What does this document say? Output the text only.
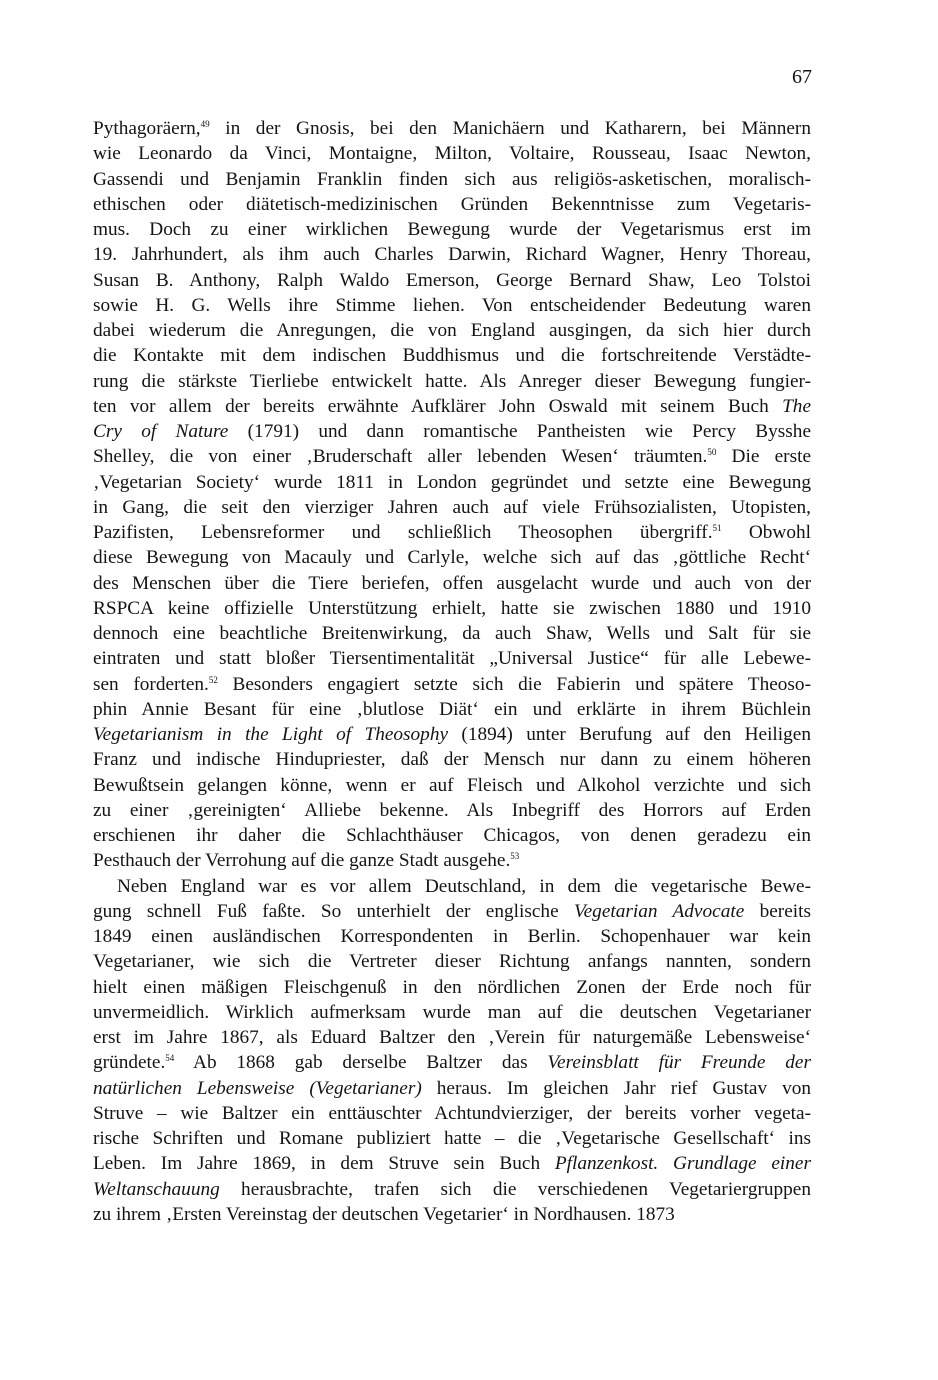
67
Pythagoräern,$^{49}$ in der Gnosis, bei den Manichäern und Katharern, bei Männern
wie Leonardo da Vinci, Montaigne, Milton, Voltaire, Rousseau, Isaac Newton,
Gassendi und Benjamin Franklin finden sich aus religiös-asketischen, moralisch-
ethischen oder diätetisch-medizinischen Gründen Bekenntnisse zum Vegetaris-
mus. Doch zu einer wirklichen Bewegung wurde der Vegetarismus erst im
19. Jahrhundert, als ihm auch Charles Darwin, Richard Wagner, Henry Thoreau,
Susan B. Anthony, Ralph Waldo Emerson, George Bernard Shaw, Leo Tolstoi
sowie H. G. Wells ihre Stimme liehen. Von entscheidender Bedeutung waren
dabei wiederum die Anregungen, die von England ausgingen, da sich hier durch
die Kontakte mit dem indischen Buddhismus und die fortschreitende Verstädte-
rung die stärkste Tierliebe entwickelt hatte. Als Anreger dieser Bewegung fungier-
ten vor allem der bereits erwähnte Aufklärer John Oswald mit seinem Buch The
Cry of Nature (1791) und dann romantische Pantheisten wie Percy Bysshe
Shelley, die von einer ‚Bruderschaft aller lebenden Wesen‘ träumten.$^{50}$ Die erste
‚Vegetarian Society‘ wurde 1811 in London gegründet und setzte eine Bewegung
in Gang, die seit den vierziger Jahren auch auf viele Frühsozialisten, Utopisten,
Pazifisten, Lebensreformer und schließlich Theosophen übergriff.$^{51}$ Obwohl
diese Bewegung von Macauly und Carlyle, welche sich auf das ‚göttliche Recht‘
des Menschen über die Tiere beriefen, offen ausgelacht wurde und auch von der
RSPCA keine offizielle Unterstützung erhielt, hatte sie zwischen 1880 und 1910
dennoch eine beachtliche Breitenwirkung, da auch Shaw, Wells und Salt für sie
eintraten und statt bloßer Tiersentimentalität „Universal Justice“ für alle Lebewe-
sen forderten.$^{52}$ Besonders engagiert setzte sich die Fabierin und spätere Theoso-
phin Annie Besant für eine ‚blutlose Diät‘ ein und erklärte in ihrem Büchlein
Vegetarianism in the Light of Theosophy (1894) unter Berufung auf den Heiligen
Franz und indische Hindupriester, daß der Mensch nur dann zu einem höheren
Bewußtsein gelangen könne, wenn er auf Fleisch und Alkohol verzichte und sich
zu einer ‚gereinigten‘ Alliebe bekenne. Als Inbegriff des Horrors auf Erden
erschienen ihr daher die Schlachthäuser Chicagos, von denen geradezu ein
Pesthauch der Verrohung auf die ganze Stadt ausgehe.$^{53}$
Neben England war es vor allem Deutschland, in dem die vegetarische Bewe-
gung schnell Fuß faßte. So unterhielt der englische Vegetarian Advocate bereits
1849 einen ausländischen Korrespondenten in Berlin. Schopenhauer war kein
Vegetarianer, wie sich die Vertreter dieser Richtung anfangs nannten, sondern
hielt einen mäßigen Fleischgenuß in den nördlichen Zonen der Erde noch für
unvermeidlich. Wirklich aufmerksam wurde man auf die deutschen Vegetarianer
erst im Jahre 1867, als Eduard Baltzer den ‚Verein für naturgemäße Lebensweise‘
gründete.$^{54}$ Ab 1868 gab derselbe Baltzer das Vereinsblatt für Freunde der
natürlichen Lebensweise (Vegetarianer) heraus. Im gleichen Jahr rief Gustav von
Struve – wie Baltzer ein enttäuschter Achtundvierziger, der bereits vorher vegeta-
rische Schriften und Romane publiziert hatte – die ‚Vegetarische Gesellschaft‘ ins
Leben. Im Jahre 1869, in dem Struve sein Buch Pflanzenkost. Grundlage einer
Weltanschauung herausbrachte, trafen sich die verschiedenen Vegetariergruppen
zu ihrem ‚Ersten Vereinstag der deutschen Vegetarier‘ in Nordhausen. 1873
